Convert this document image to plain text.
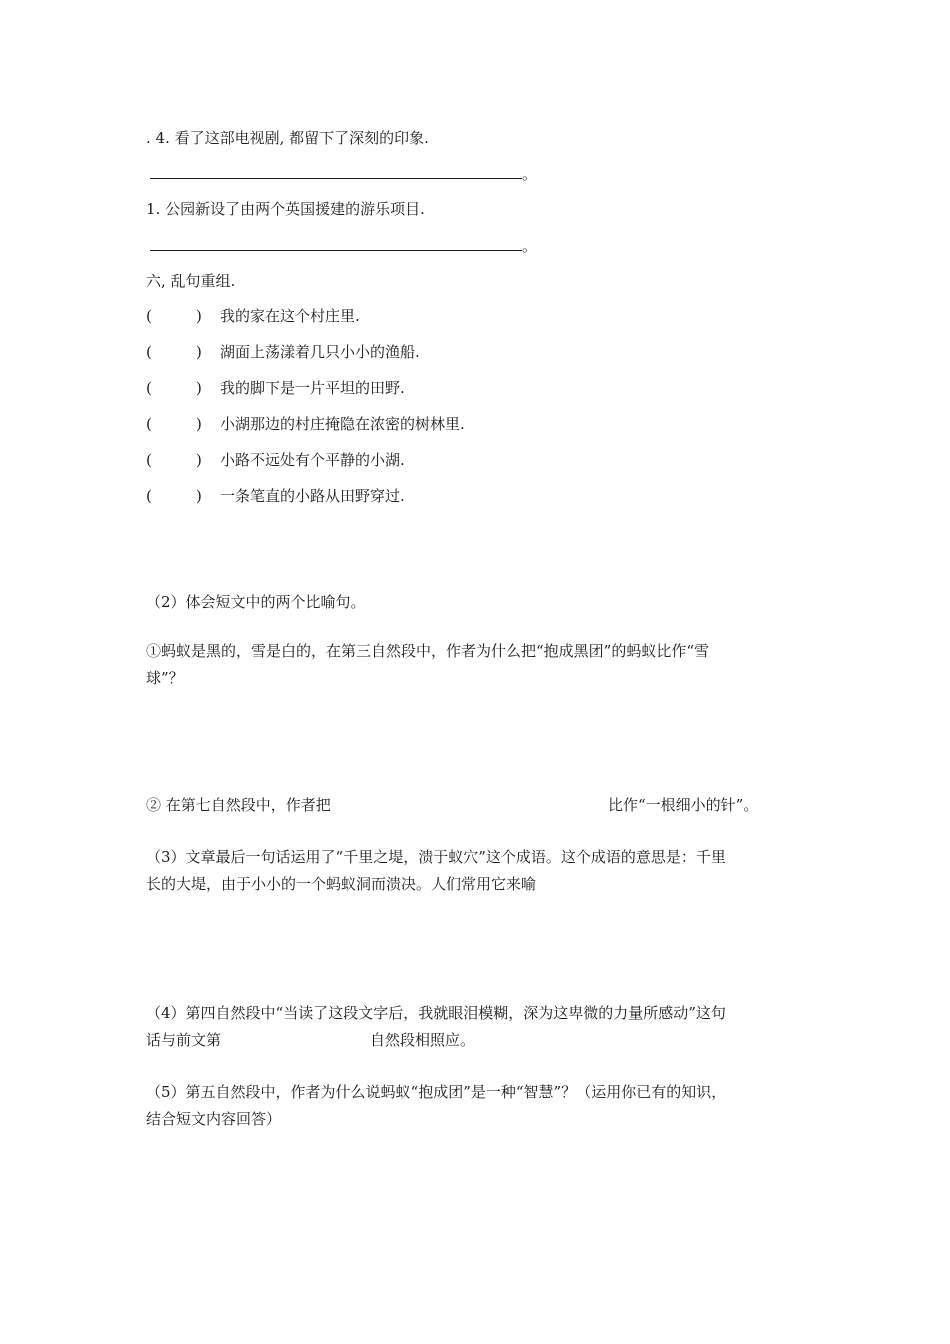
. 4. 看了这部电视剧, 都留下了深刻的印象.
。
1. 公园新设了由两个英国援建的游乐项目.
。
六, 乱句重组.
(	) 我的家在这个村庄里.
(	) 湖面上荡漾着几只小小的渔船.
(	) 我的脚下是一片平坦的田野.
(	) 小湖那边的村庄掩隐在浓密的树林里.
(	) 小路不远处有个平静的小湖.
(	) 一条笔直的小路从田野穿过.
（2）体会短文中的两个比喻句。
①蚂蚁是黑的，雪是白的，在第三自然段中，作者为什么把“抱成黑团”的蚂蚁比作“雪
球”？
② 在第七自然段中，作者把	比作“一根细小的针”。
（3）文章最后一句话运用了“千里之堤，溃于蚁穴”这个成语。这个成语的意思是：千里
长的大堤，由于小小的一个蚂蚁洞而溃决。人们常用它来喻
（4）第四自然段中“当读了这段文字后，我就眼泪模糊，深为这卑微的力量所感动”这句
话与前文第	自然段相照应。
（5）第五自然段中，作者为什么说蚂蚁“抱成团”是一种“智慧”？（运用你已有的知识，
结合短文内容回答）
